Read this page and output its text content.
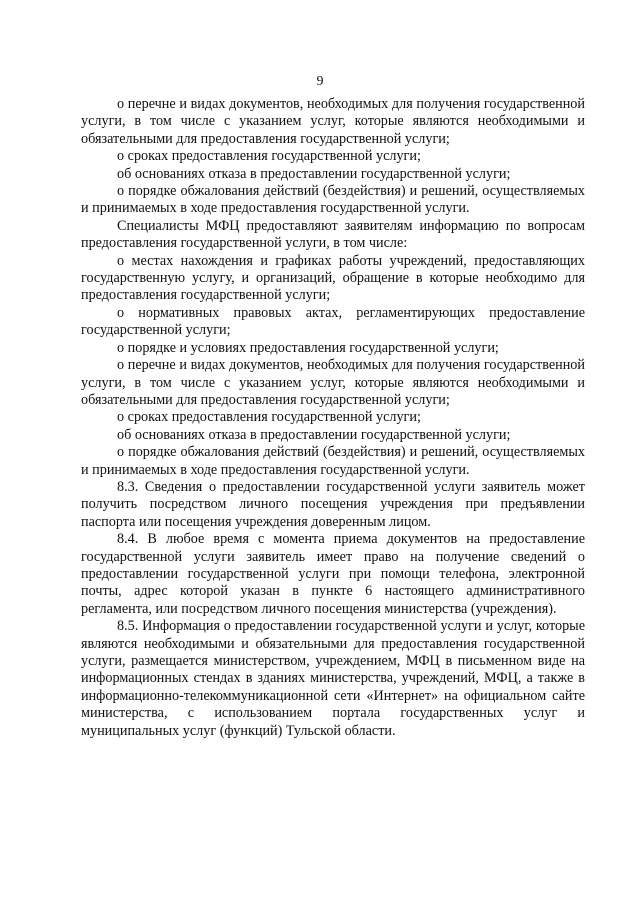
9

о перечне и видах документов, необходимых для получения государственной услуги, в том числе с указанием услуг, которые являются необходимыми и обязательными для предоставления государственной услуги;

о сроках предоставления государственной услуги;

об основаниях отказа в предоставлении государственной услуги;

о порядке обжалования действий (бездействия) и решений, осуществляемых и принимаемых в ходе предоставления государственной услуги.

Специалисты МФЦ предоставляют заявителям информацию по вопросам предоставления государственной услуги, в том числе:

о местах нахождения и графиках работы учреждений, предоставляющих государственную услугу, и организаций, обращение в которые необходимо для предоставления государственной услуги;

о нормативных правовых актах, регламентирующих предоставление государственной услуги;

о порядке и условиях предоставления государственной услуги;

о перечне и видах документов, необходимых для получения государственной услуги, в том числе с указанием услуг, которые являются необходимыми и обязательными для предоставления государственной услуги;

о сроках предоставления государственной услуги;

об основаниях отказа в предоставлении государственной услуги;

о порядке обжалования действий (бездействия) и решений, осуществляемых и принимаемых в ходе предоставления государственной услуги.

8.3. Сведения о предоставлении государственной услуги заявитель может получить посредством личного посещения учреждения при предъявлении паспорта или посещения учреждения доверенным лицом.

8.4. В любое время с момента приема документов на предоставление государственной услуги заявитель имеет право на получение сведений о предоставлении государственной услуги при помощи телефона, электронной почты, адрес которой указан в пункте 6 настоящего административного регламента, или посредством личного посещения министерства (учреждения).

8.5. Информация о предоставлении государственной услуги и услуг, которые являются необходимыми и обязательными для предоставления государственной услуги, размещается министерством, учреждением, МФЦ в письменном виде на информационных стендах в зданиях министерства, учреждений, МФЦ, а также в информационно-телекоммуникационной сети «Интернет» на официальном сайте министерства, с использованием портала государственных услуг и муниципальных услуг (функций) Тульской области.
